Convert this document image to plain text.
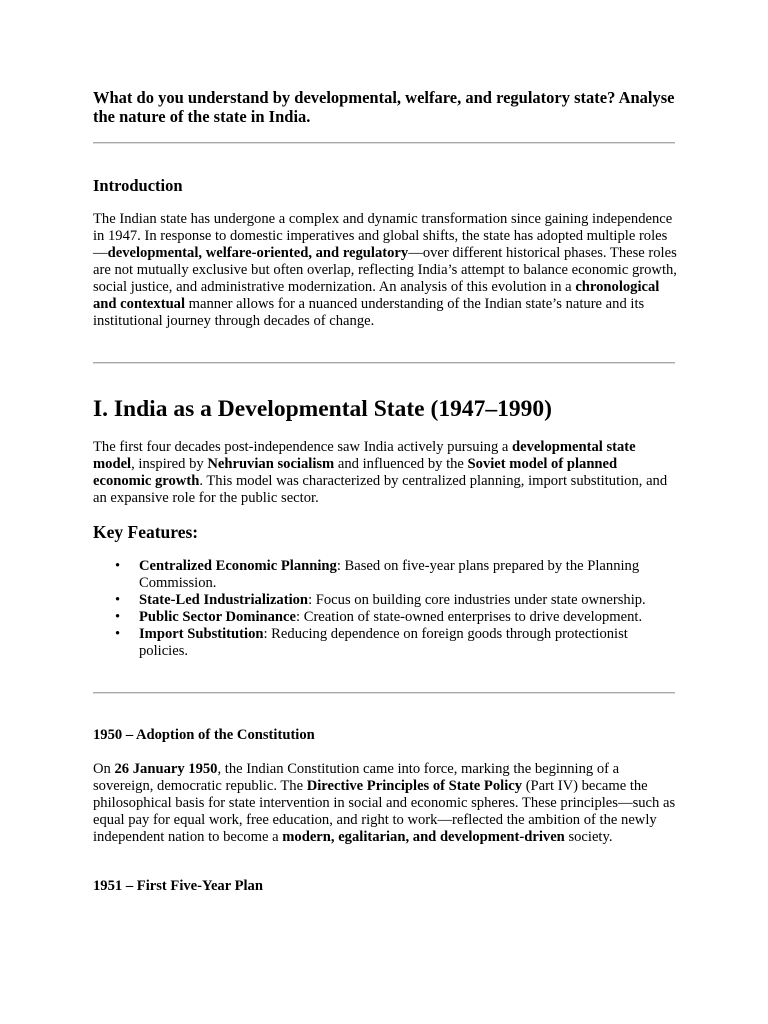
What do you understand by developmental, welfare, and regulatory state? Analyse the nature of the state in India.
Introduction

The Indian state has undergone a complex and dynamic transformation since gaining independence in 1947. In response to domestic imperatives and global shifts, the state has adopted multiple roles—developmental, welfare-oriented, and regulatory—over different historical phases. These roles are not mutually exclusive but often overlap, reflecting India’s attempt to balance economic growth, social justice, and administrative modernization. An analysis of this evolution in a chronological and contextual manner allows for a nuanced understanding of the Indian state’s nature and its institutional journey through decades of change.

I. India as a Developmental State (1947–1990)

The first four decades post-independence saw India actively pursuing a developmental state model, inspired by Nehruvian socialism and influenced by the Soviet model of planned economic growth. This model was characterized by centralized planning, import substitution, and an expansive role for the public sector.

Key Features:
• Centralized Economic Planning: Based on five-year plans prepared by the Planning Commission.
• State-Led Industrialization: Focus on building core industries under state ownership.
• Public Sector Dominance: Creation of state-owned enterprises to drive development.
• Import Substitution: Reducing dependence on foreign goods through protectionist policies.
1950 – Adoption of the Constitution

On 26 January 1950, the Indian Constitution came into force, marking the beginning of a sovereign, democratic republic. The Directive Principles of State Policy (Part IV) became the philosophical basis for state intervention in social and economic spheres. These principles—such as equal pay for equal work, free education, and right to work—reflected the ambition of the newly independent nation to become a modern, egalitarian, and development-driven society.

1951 – First Five-Year Plan
